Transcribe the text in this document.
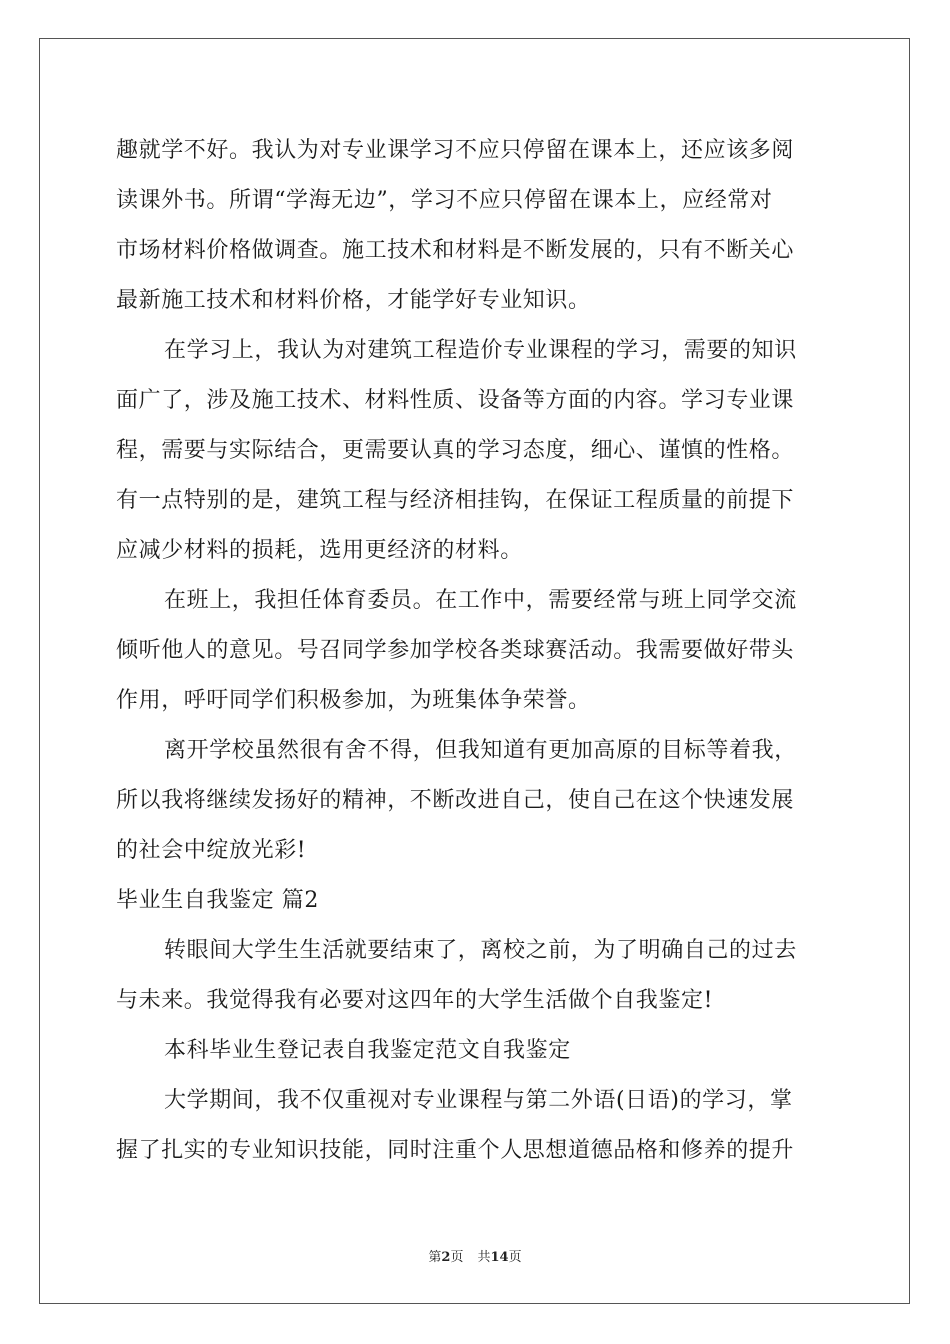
趣就学不好。我认为对专业课学习不应只停留在课本上，还应该多阅
读课外书。所谓“学海无边”，学习不应只停留在课本上，应经常对
市场材料价格做调查。施工技术和材料是不断发展的，只有不断关心
最新施工技术和材料价格，才能学好专业知识。
在学习上，我认为对建筑工程造价专业课程的学习，需要的知识
面广了，涉及施工技术、材料性质、设备等方面的内容。学习专业课
程，需要与实际结合，更需要认真的学习态度，细心、谨慎的性格。
有一点特别的是，建筑工程与经济相挂钩，在保证工程质量的前提下
应减少材料的损耗，选用更经济的材料。
在班上，我担任体育委员。在工作中，需要经常与班上同学交流
倾听他人的意见。号召同学参加学校各类球赛活动。我需要做好带头
作用，呼吁同学们积极参加，为班集体争荣誉。
离开学校虽然很有舍不得，但我知道有更加高原的目标等着我，
所以我将继续发扬好的精神，不断改进自己，使自己在这个快速发展
的社会中绽放光彩!
毕业生自我鉴定 篇2
转眼间大学生生活就要结束了，离校之前，为了明确自己的过去
与未来。我觉得我有必要对这四年的大学生活做个自我鉴定!
本科毕业生登记表自我鉴定范文自我鉴定
大学期间，我不仅重视对专业课程与第二外语(日语)的学习，掌
握了扎实的专业知识技能，同时注重个人思想道德品格和修养的提升
第2页 共14页
